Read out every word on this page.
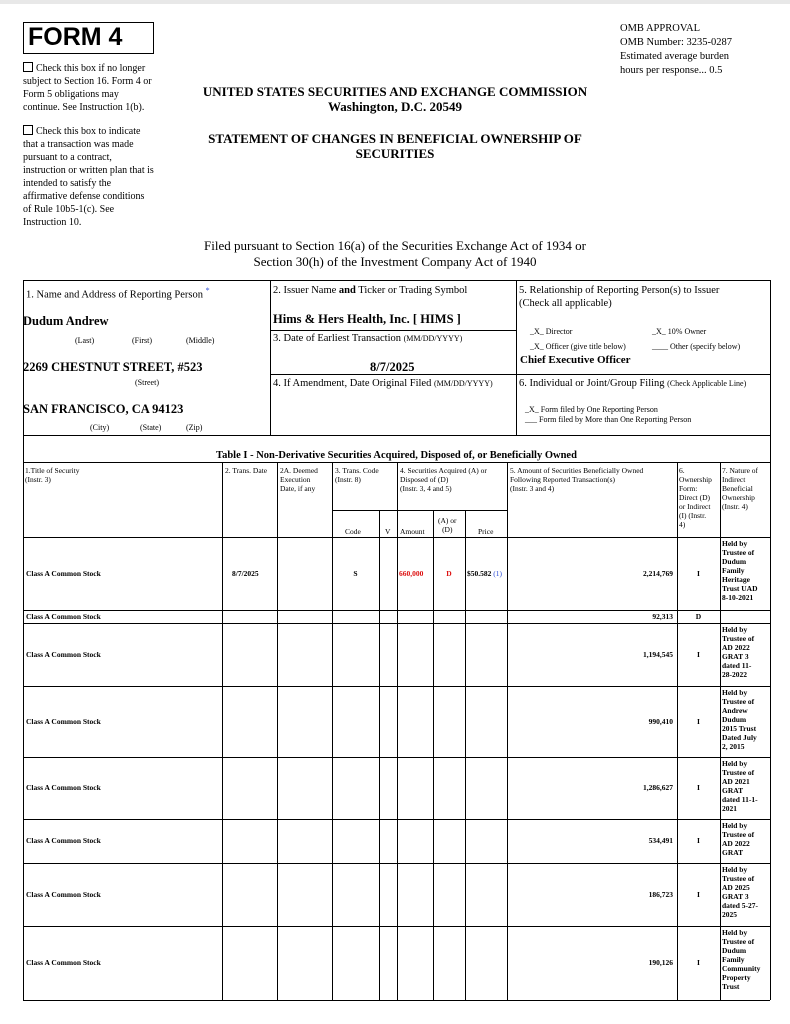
FORM 4
Check this box if no longer
subject to Section 16. Form 4 or
Form 5 obligations may
continue. See Instruction 1(b).
Check this box to indicate
that a transaction was made
pursuant to a contract,
instruction or written plan that is
intended to satisfy the
affirmative defense conditions
of Rule 10b5-1(c). See
Instruction 10.
OMB APPROVAL
OMB Number: 3235-0287
Estimated average burden
hours per response... 0.5
UNITED STATES SECURITIES AND EXCHANGE COMMISSION
Washington, D.C. 20549
STATEMENT OF CHANGES IN BENEFICIAL OWNERSHIP OF
SECURITIES
Filed pursuant to Section 16(a) of the Securities Exchange Act of 1934 or
Section 30(h) of the Investment Company Act of 1940
1. Name and Address of Reporting Person *
Dudum Andrew
(Last)	(First)	(Middle)
2269 CHESTNUT STREET, #523
(Street)
SAN FRANCISCO, CA 94123
(City)	(State)	(Zip)
2. Issuer Name and Ticker or Trading Symbol
Hims & Hers Health, Inc. [ HIMS ]
3. Date of Earliest Transaction (MM/DD/YYYY)
8/7/2025
4. If Amendment, Date Original Filed (MM/DD/YYYY)
5. Relationship of Reporting Person(s) to Issuer
(Check all applicable)
_X_ Director	_X_ 10% Owner
_X_ Officer (give title below)	____ Other (specify below)
Chief Executive Officer
6. Individual or Joint/Group Filing (Check Applicable Line)
_X_ Form filed by One Reporting Person
___ Form filed by More than One Reporting Person
Table I - Non-Derivative Securities Acquired, Disposed of, or Beneficially Owned
1.Title of Security
(Instr. 3)
2. Trans. Date 2A. Deemed
Execution
Date, if any
3. Trans. Code
(Instr. 8)
4. Securities Acquired (A) or
Disposed of (D)
(Instr. 3, 4 and 5)
5. Amount of Securities Beneficially Owned
Following Reported Transaction(s)
(Instr. 3 and 4)
6.
Ownership
Form:
Direct (D)
or Indirect
(I) (Instr.
4)
7. Nature of
Indirect
Beneficial
Ownership
(Instr. 4)
Code	V Amount
(A) or
(D)	Price
Class A Common Stock	8/7/2025	S	660,000	D	$50.582 (1)	2,214,769	I
Held by
Trustee of
Dudum
Family
Heritage
Trust UAD
8-10-2021
Class A Common Stock	92,313	D
Class A Common Stock	1,194,545	I
Held by
Trustee of
AD 2022
GRAT 3
dated 11-
28-2022
Class A Common Stock	990,410	I
Held by
Trustee of
Andrew
Dudum
2015 Trust
Dated July
2, 2015
Class A Common Stock	1,286,627	I
Held by
Trustee of
AD 2021
GRAT
dated 11-1-
2021
Class A Common Stock	534,491	I
Held by
Trustee of
AD 2022
GRAT
Class A Common Stock	186,723	I
Held by
Trustee of
AD 2025
GRAT 3
dated 5-27-
2025
Class A Common Stock	190,126	I
Held by
Trustee of
Dudum
Family
Community
Property
Trust
